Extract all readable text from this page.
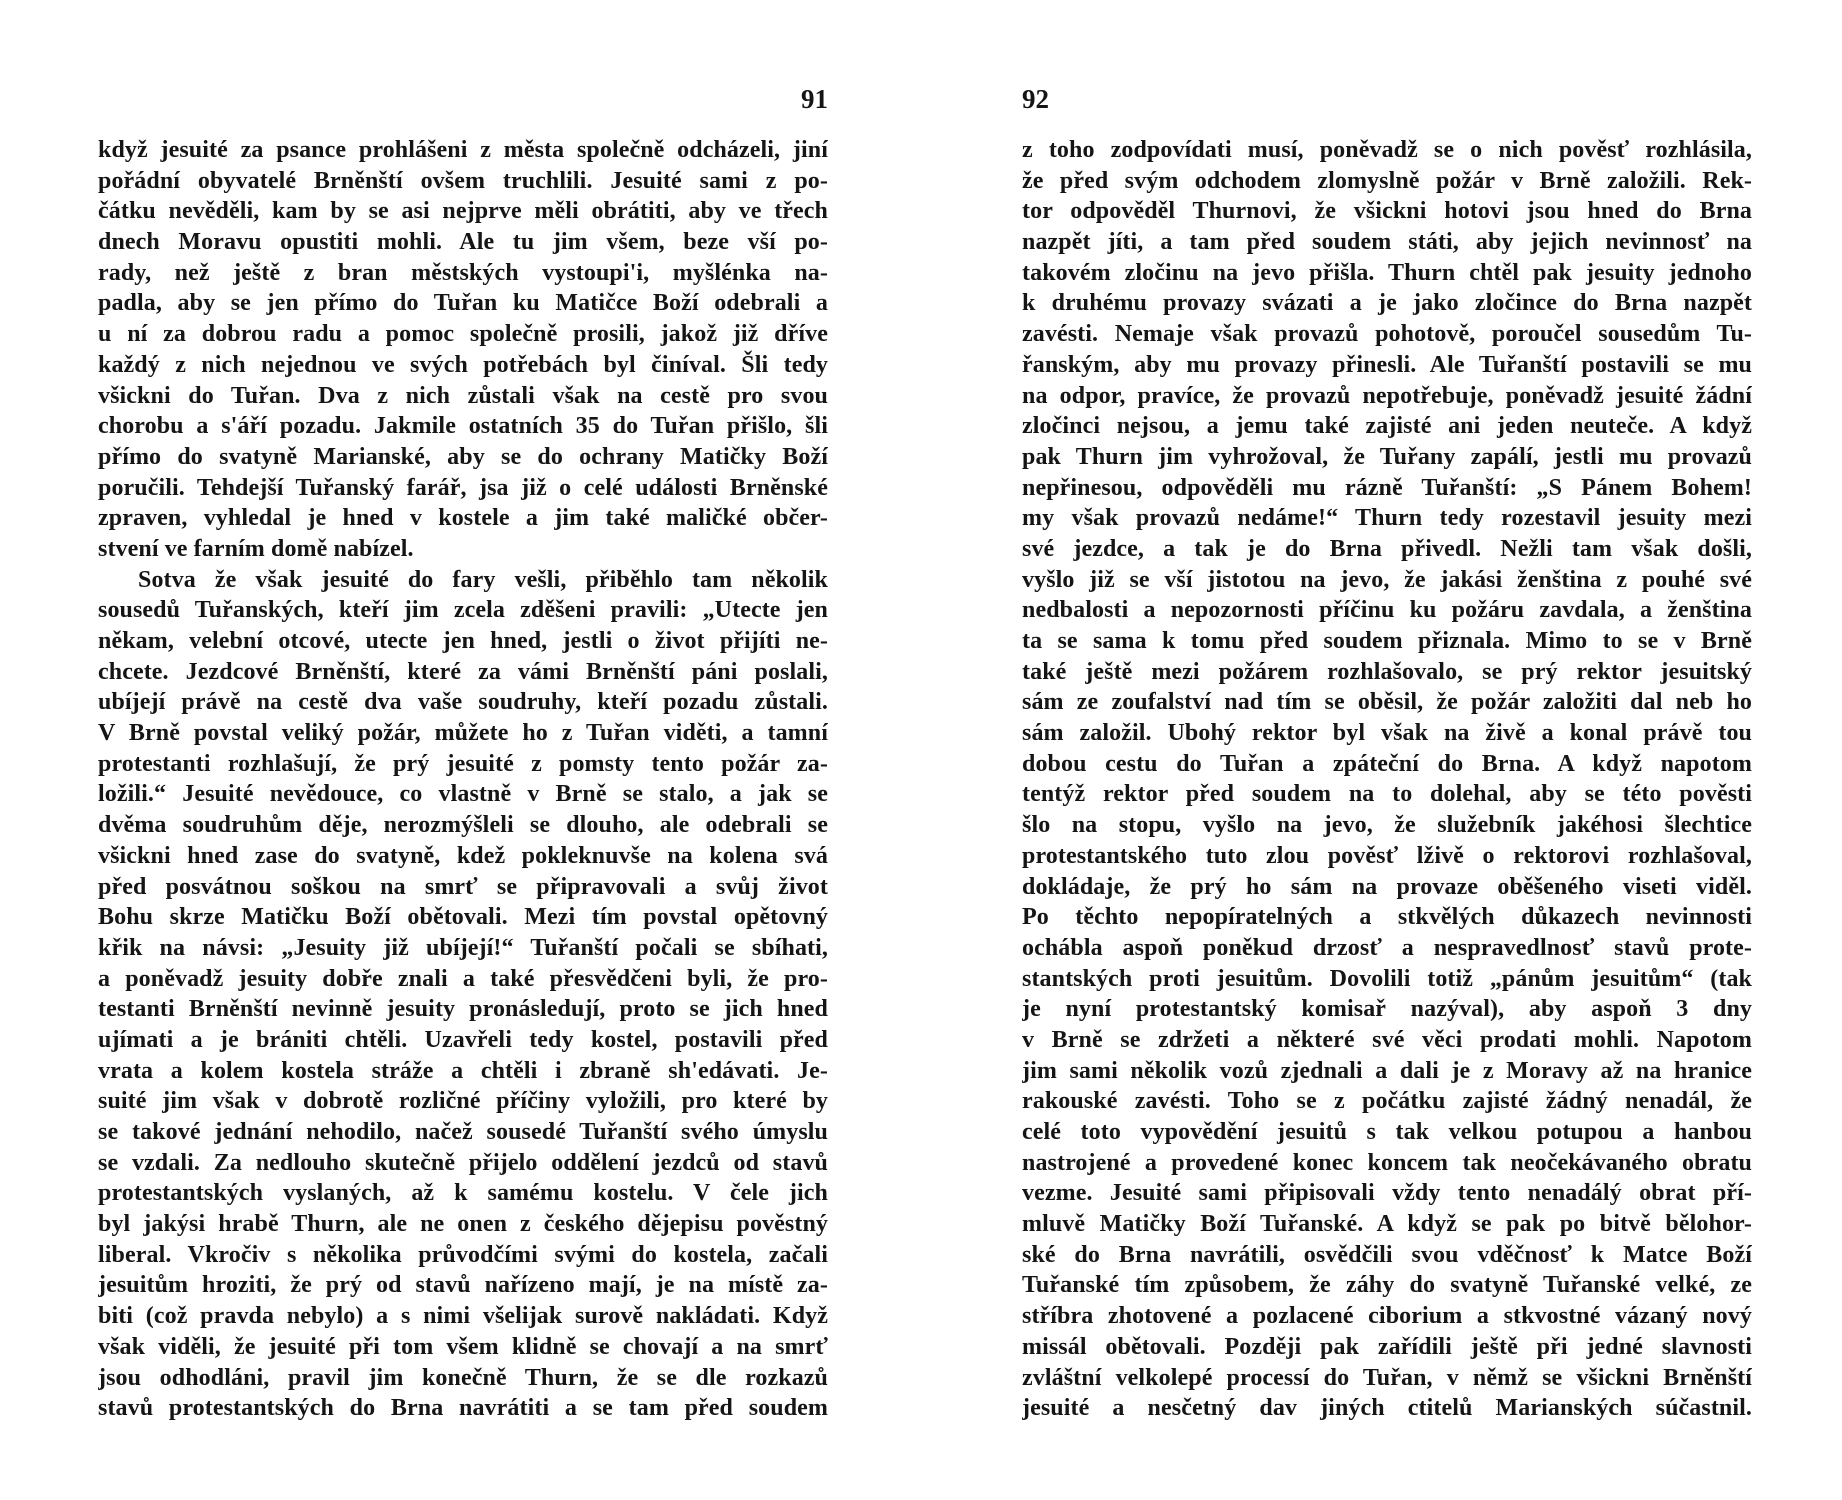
91
když jesuité za psance prohlášeni z města společně odcházeli, jiní
pořádní obyvatelé Brněnští ovšem truchlili. Jesuité sami z po-
čátku nevěděli, kam by se asi nejprve měli obrátiti, aby ve třech
dnech Moravu opustiti mohli. Ale tu jim všem, beze vší po-
rady, než ještě z bran městských vystoupi'i, myšlénka na-
padla, aby se jen přímo do Tuřan ku Matičce Boží odebrali a
u ní za dobrou radu a pomoc společně prosili, jakož již dříve
každý z nich nejednou ve svých potřebách byl činíval. Šli tedy
všickni do Tuřan. Dva z nich zůstali však na cestě pro svou
chorobu a s'áří pozadu. Jakmile ostatních 35 do Tuřan přišlo, šli
přímo do svatyně Marianské, aby se do ochrany Matičky Boží
poručili. Tehdejší Tuřanský farář, jsa již o celé události Brněnské
zpraven, vyhledal je hned v kostele a jim také maličké občer-
stvení ve farním domě nabízel.
Sotva že však jesuité do fary vešli, přiběhlo tam několik
sousedů Tuřanských, kteří jim zcela zděšeni pravili: „Utecte jen
někam, velební otcové, utecte jen hned, jestli o život přijíti ne-
chcete. Jezdcové Brněnští, které za vámi Brněnští páni poslali,
ubíjejí právě na cestě dva vaše soudruhy, kteří pozadu zůstali.
V Brně povstal veliký požár, můžete ho z Tuřan viděti, a tamní
protestanti rozhlašují, že prý jesuité z pomsty tento požár za-
ložili.“ Jesuité nevědouce, co vlastně v Brně se stalo, a jak se
dvěma soudruhům děje, nerozmýšleli se dlouho, ale odebrali se
všickni hned zase do svatyně, kdež pokleknuvše na kolena svá
před posvátnou soškou na smrť se připravovali a svůj život
Bohu skrze Matičku Boží obětovali. Mezi tím povstal opětovný
křik na návsi: „Jesuity již ubíjejí!“ Tuřanští počali se sbíhati,
a poněvadž jesuity dobře znali a také přesvědčeni byli, že pro-
testanti Brněnští nevinně jesuity pronásledují, proto se jich hned
ujímati a je brániti chtěli. Uzavřeli tedy kostel, postavili před
vrata a kolem kostela stráže a chtěli i zbraně sh'edávati. Je-
suité jim však v dobrotě rozličné příčiny vyložili, pro které by
se takové jednání nehodilo, načež sousedé Tuřanští svého úmyslu
se vzdali. Za nedlouho skutečně přijelo oddělení jezdců od stavů
protestantských vyslaných, až k samému kostelu. V čele jich
byl jakýsi hrabě Thurn, ale ne onen z českého dějepisu pověstný
liberal. Vkročiv s několika průvodčími svými do kostela, začali
jesuitům hroziti, že prý od stavů nařízeno mají, je na místě za-
biti (což pravda nebylo) a s nimi všelijak surově nakládati. Když
však viděli, že jesuité při tom všem klidně se chovají a na smrť
jsou odhodláni, pravil jim konečně Thurn, že se dle rozkazů
stavů protestantských do Brna navrátiti a se tam před soudem
92
z toho zodpovídati musí, poněvadž se o nich pověsť rozhlásila,
že před svým odchodem zlomyslně požár v Brně založili. Rek-
tor odpověděl Thurnovi, že všickni hotovi jsou hned do Brna
nazpět jíti, a tam před soudem státi, aby jejich nevinnosť na
takovém zločinu na jevo přišla. Thurn chtěl pak jesuity jednoho
k druhému provazy svázati a je jako zločince do Brna nazpět
zavésti. Nemaje však provazů pohotově, poroučel sousedům Tu-
řanským, aby mu provazy přinesli. Ale Tuřanští postavili se mu
na odpor, pravíce, že provazů nepotřebuje, poněvadž jesuité žádní
zločinci nejsou, a jemu také zajisté ani jeden neuteče. A když
pak Thurn jim vyhrožoval, že Tuřany zapálí, jestli mu provazů
nepřinesou, odpověděli mu rázně Tuřanští: „S Pánem Bohem!
my však provazů nedáme!“ Thurn tedy rozestavil jesuity mezi
své jezdce, a tak je do Brna přivedl. Nežli tam však došli,
vyšlo již se vší jistotou na jevo, že jakási ženština z pouhé své
nedbalosti a nepozornosti příčinu ku požáru zavdala, a ženština
ta se sama k tomu před soudem přiznala. Mimo to se v Brně
také ještě mezi požárem rozhlašovalo, se prý rektor jesuitský
sám ze zoufalství nad tím se oběsil, že požár založiti dal neb ho
sám založil. Ubohý rektor byl však na živě a konal právě tou
dobou cestu do Tuřan a zpáteční do Brna. A když napotom
tentýž rektor před soudem na to dolehal, aby se této pověsti
šlo na stopu, vyšlo na jevo, že služebník jakéhosi šlechtice
protestantského tuto zlou pověsť lživě o rektorovi rozhlašoval,
dokládaje, že prý ho sám na provaze oběšeného viseti viděl.
Po těchto nepopíratelných a stkvělých důkazech nevinnosti
ochábla aspoň poněkud drzosť a nespravedlnosť stavů prote-
stantských proti jesuitům. Dovolili totiž „pánům jesuitům“ (tak
je nyní protestantský komisař nazýval), aby aspoň 3 dny
v Brně se zdržeti a některé své věci prodati mohli. Napotom
jim sami několik vozů zjednali a dali je z Moravy až na hranice
rakouské zavésti. Toho se z počátku zajisté žádný nenadál, že
celé toto vypovědění jesuitů s tak velkou potupou a hanbou
nastrojené a provedené konec koncem tak neočekávaného obratu
vezme. Jesuité sami připisovali vždy tento nenadálý obrat pří-
mluvě Matičky Boží Tuřanské. A když se pak po bitvě bělohor-
ské do Brna navrátili, osvědčili svou vděčnosť k Matce Boží
Tuřanské tím způsobem, že záhy do svatyně Tuřanské velké, ze
stříbra zhotovené a pozlacené ciborium a stkvostné vázaný nový
missál obětovali. Později pak zařídili ještě při jedné slavnosti
zvláštní velkolepé processí do Tuřan, v němž se všickni Brněnští
jesuité a nesčetný dav jiných ctitelů Marianských súčastnil.
